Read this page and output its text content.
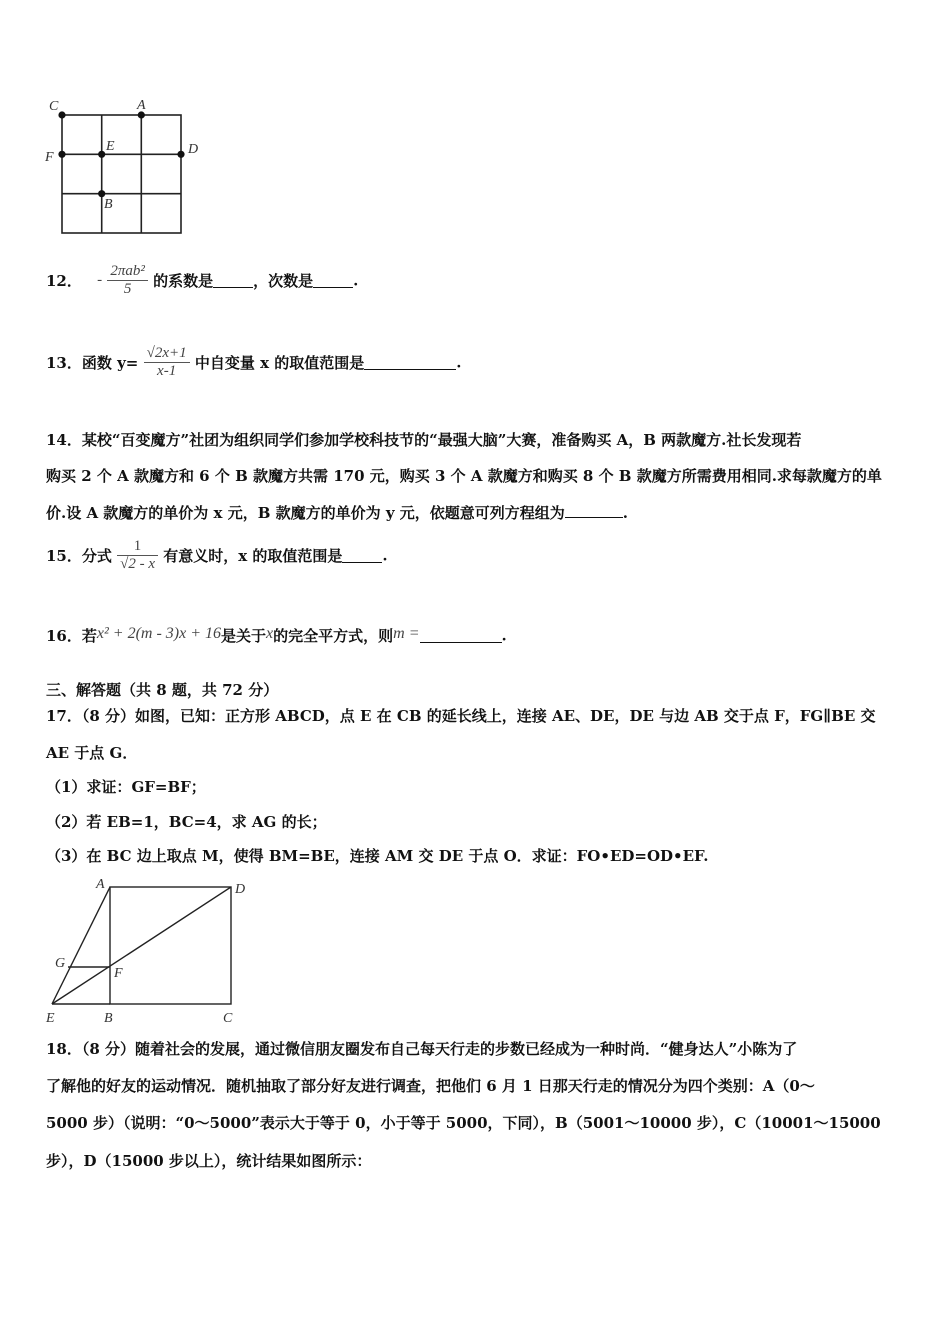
C	A
E
F
D
B
12． - $\frac{\text{2πab²}}{5}$ 的系数是	，次数是	.
13．函数 $y= \frac{√2x+1}{x-1}$ 中自变量 x 的取值范围是	.
14．某校“百变魔方”社团为组织同学们参加学校科技节的“最强大脑”大赛，准备购买 A，B 两款魔方.社长发现若
购买 2 个 A 款魔方和 6 个 B 款魔方共需 170 元，购买 3 个 A 款魔方和购买 8 个 B 款魔方所需费用相同.求每款魔方的单
价.设 A 款魔方的单价为 x 元，B 款魔方的单价为 y 元，依题意可列方程组为	.
15．分式 $\frac{1}{√2 - x}$ 有意义时，x 的取值范围是	.
16．若x² + 2(m - 3)x + 16是关于x的完全平方式，则m =	.
三、解答题（共 8 题，共 72 分）
17．（8 分）如图，已知：正方形 ABCD，点 E 在 CB 的延长线上，连接 AE、DE，DE 与边 AB 交于点 F，FG∥BE 交
AE 于点 G．
（1）求证：GF=BF；
（2）若 EB=1，BC=4，求 AG 的长；
（3）在 BC 边上取点 M，使得 BM=BE，连接 AM 交 DE 于点 O．求证：FO•ED=OD•EF.
A	D
G
F
E	B	C
18．（8 分）随着社会的发展，通过微信朋友圈发布自己每天行走的步数已经成为一种时尚．“健身达人”小陈为了
了解他的好友的运动情况．随机抽取了部分好友进行调查，把他们 6 月 1 日那天行走的情况分为四个类别：A（0～
5000 步）（说明：“0～5000”表示大于等于 0，小于等于 5000，下同），B（5001～10000 步），C（10001～15000
步），D（15000 步以上），统计结果如图所示：
